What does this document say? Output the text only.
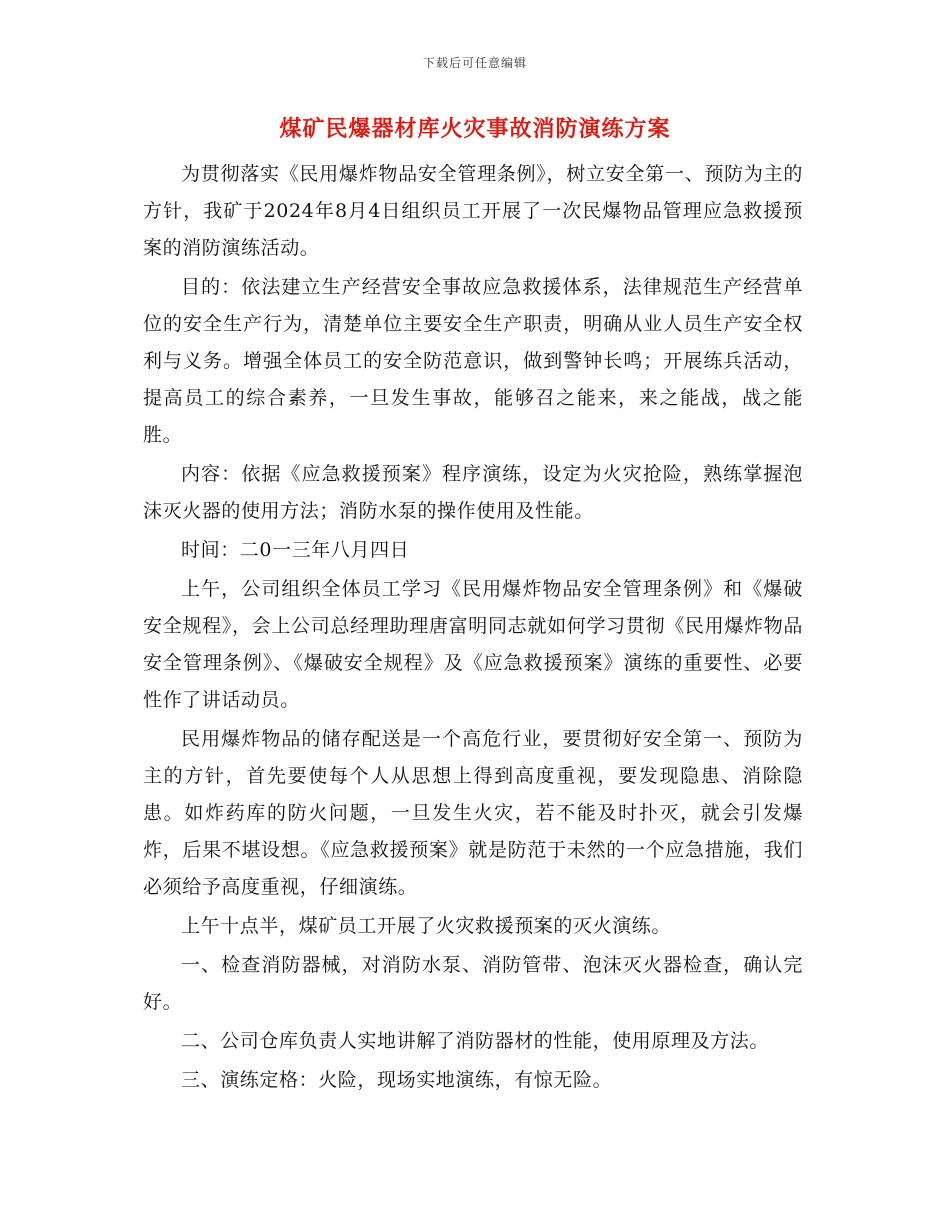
下载后可任意编辑
煤矿民爆器材库火灾事故消防演练方案

为贯彻落实《民用爆炸物品安全管理条例》，树立安全第一、预防为主的方针，我矿于2024年8月4日组织员工开展了一次民爆物品管理应急救援预案的消防演练活动。

目的：依法建立生产经营安全事故应急救援体系，法律规范生产经营单位的安全生产行为，清楚单位主要安全生产职责，明确从业人员生产安全权利与义务。增强全体员工的安全防范意识，做到警钟长鸣；开展练兵活动，提高员工的综合素养，一旦发生事故，能够召之能来，来之能战，战之能胜。

内容：依据《应急救援预案》程序演练，设定为火灾抢险，熟练掌握泡沫灭火器的使用方法；消防水泵的操作使用及性能。

时间：二0一三年八月四日

上午，公司组织全体员工学习《民用爆炸物品安全管理条例》和《爆破安全规程》，会上公司总经理助理唐富明同志就如何学习贯彻《民用爆炸物品安全管理条例》、《爆破安全规程》及《应急救援预案》演练的重要性、必要性作了讲话动员。

民用爆炸物品的储存配送是一个高危行业，要贯彻好安全第一、预防为主的方针，首先要使每个人从思想上得到高度重视，要发现隐患、消除隐患。如炸药库的防火问题，一旦发生火灾，若不能及时扑灭，就会引发爆炸，后果不堪设想。《应急救援预案》就是防范于未然的一个应急措施，我们必须给予高度重视，仔细演练。

上午十点半，煤矿员工开展了火灾救援预案的灭火演练。

一、检查消防器械，对消防水泵、消防管带、泡沫灭火器检查，确认完好。

二、公司仓库负责人实地讲解了消防器材的性能，使用原理及方法。

三、演练定格：火险，现场实地演练，有惊无险。
